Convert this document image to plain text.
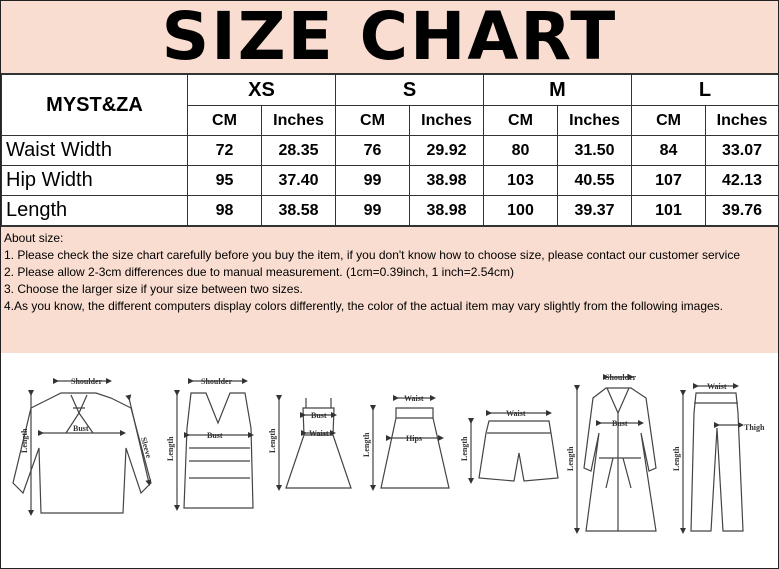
SIZE CHART
MYST&ZA	XS		S		M		L	
	CM	Inches	CM	Inches	CM	Inches	CM	Inches
Waist Width	72	28.35	76	29.92	80	31.50	84	33.07
Hip Width	95	37.40	99	38.98	103	40.55	107	42.13
Length	98	38.58	99	38.98	100	39.37	101	39.76
About size:
1. Please check the size chart carefully before you buy the item, if you don't know how to choose size, please contact our customer service
2. Please allow 2-3cm differences due to manual measurement. (1cm=0.39inch, 1 inch=2.54cm)
3. Choose the larger size if your size between two sizes.
4.As you know, the different computers display colors differently, the color of the actual item may vary slightly from the following images.
Shoulder
Bust
Length	Sleeve
Shoulder
Bust
Length
Bust
Waist
Length
Waist
Hips
Length
Waist
Length
Shoulder
Bust
Length
Waist
Thigh
Length
